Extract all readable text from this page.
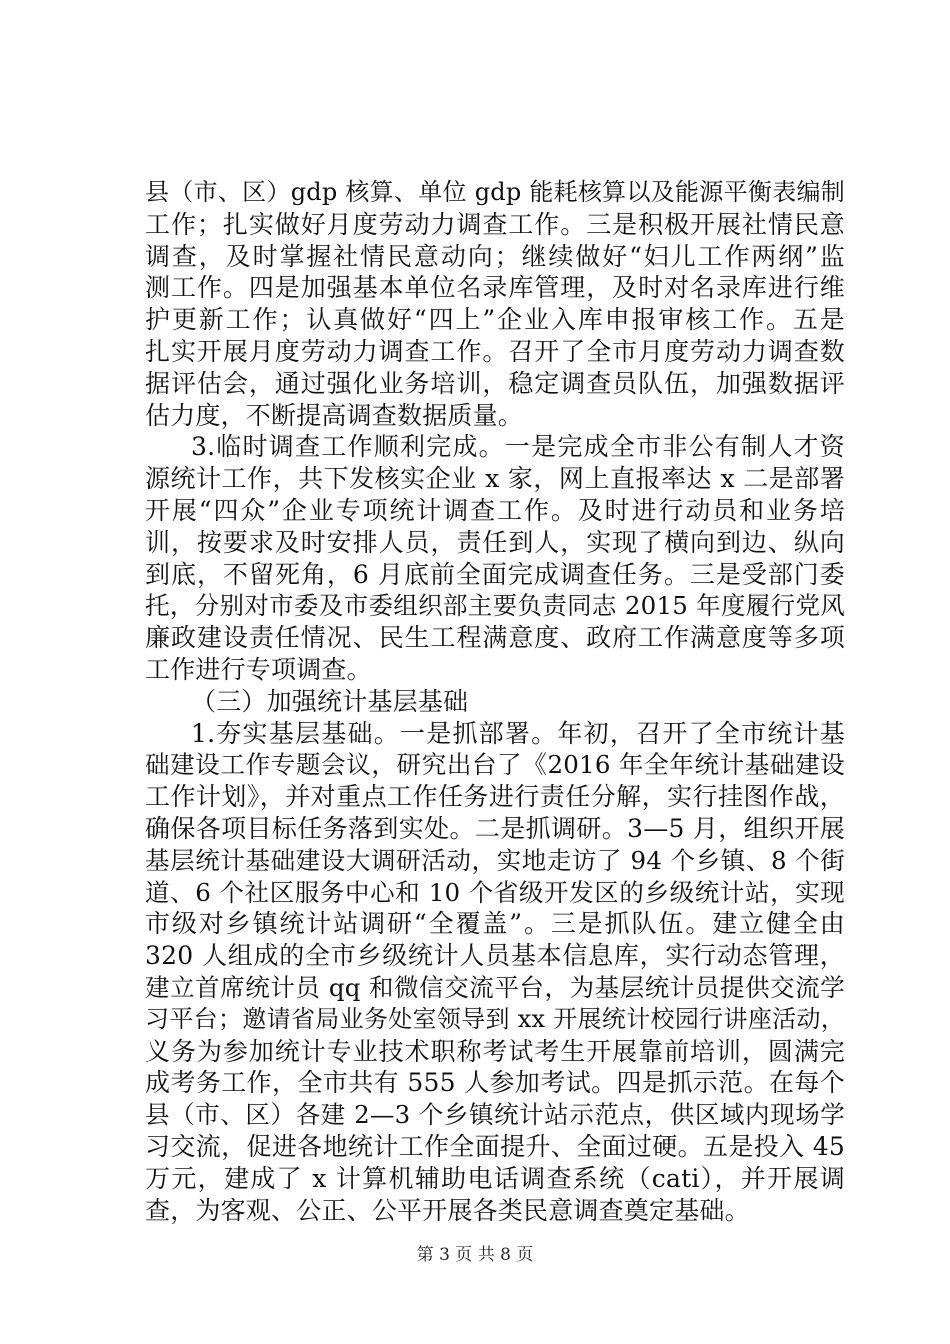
县（市、区）gdp 核算、单位 gdp 能耗核算以及能源平衡表编制
工作；扎实做好月度劳动力调查工作。三是积极开展社情民意
调查，及时掌握社情民意动向；继续做好“妇儿工作两纲”监
测工作。四是加强基本单位名录库管理，及时对名录库进行维
护更新工作；认真做好“四上”企业入库申报审核工作。五是
扎实开展月度劳动力调查工作。召开了全市月度劳动力调查数
据评估会，通过强化业务培训，稳定调查员队伍，加强数据评
估力度，不断提高调查数据质量。
3.临时调查工作顺利完成。一是完成全市非公有制人才资
源统计工作，共下发核实企业 x 家，网上直报率达 x 二是部署
开展“四众”企业专项统计调查工作。及时进行动员和业务培
训，按要求及时安排人员，责任到人，实现了横向到边、纵向
到底，不留死角，6 月底前全面完成调查任务。三是受部门委
托，分别对市委及市委组织部主要负责同志 2015 年度履行党风
廉政建设责任情况、民生工程满意度、政府工作满意度等多项
工作进行专项调查。
（三）加强统计基层基础
1.夯实基层基础。一是抓部署。年初，召开了全市统计基
础建设工作专题会议，研究出台了《2016 年全年统计基础建设
工作计划》，并对重点工作任务进行责任分解，实行挂图作战，
确保各项目标任务落到实处。二是抓调研。3—5 月，组织开展
基层统计基础建设大调研活动，实地走访了 94 个乡镇、8 个街
道、6 个社区服务中心和 10 个省级开发区的乡级统计站，实现
市级对乡镇统计站调研“全覆盖”。三是抓队伍。建立健全由
320 人组成的全市乡级统计人员基本信息库，实行动态管理，
建立首席统计员 qq 和微信交流平台，为基层统计员提供交流学
习平台；邀请省局业务处室领导到 xx 开展统计校园行讲座活动，
义务为参加统计专业技术职称考试考生开展靠前培训，圆满完
成考务工作，全市共有 555 人参加考试。四是抓示范。在每个
县（市、区）各建 2—3 个乡镇统计站示范点，供区域内现场学
习交流，促进各地统计工作全面提升、全面过硬。五是投入 45
万元，建成了 x 计算机辅助电话调查系统（cati），并开展调
查，为客观、公正、公平开展各类民意调查奠定基础。
第 3 页 共 8 页
